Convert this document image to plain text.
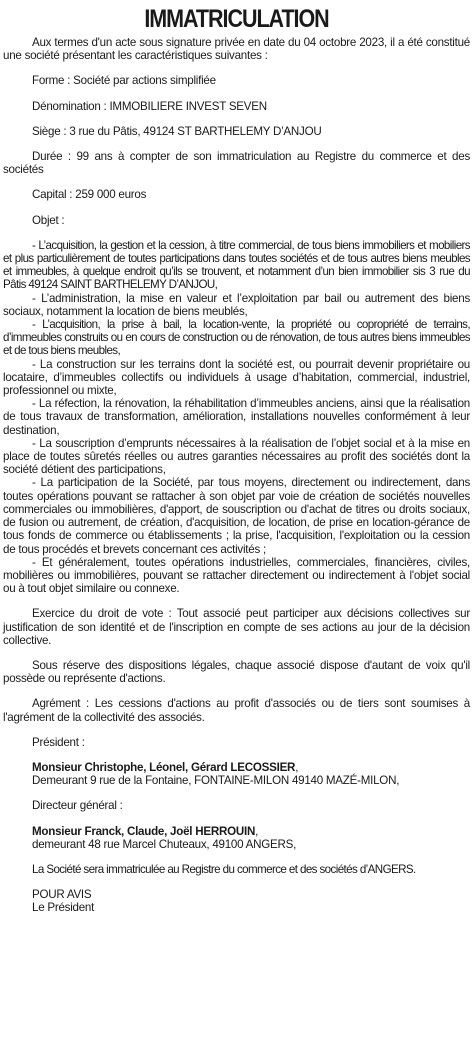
IMMATRICULATION

Aux termes d'un acte sous signature privée en date du 04 octobre 2023, il a été constitué une société présentant les caractéristiques suivantes :

Forme : Société par actions simplifiée

Dénomination : IMMOBILIERE INVEST SEVEN

Siège : 3 rue du Pâtis, 49124 ST BARTHELEMY D’ANJOU

Durée : 99 ans à compter de son immatriculation au Registre du commerce et des sociétés

Capital : 259 000 euros

Objet :

- L’acquisition, la gestion et la cession, à titre commercial, de tous biens immobiliers et mobiliers et plus particulièrement de toutes participations dans toutes sociétés et de tous autres biens meubles et immeubles, à quelque endroit qu’ils se trouvent, et notamment d’un bien immobilier sis 3 rue du Pâtis 49124 SAINT BARTHELEMY D’ANJOU,

- L’administration, la mise en valeur et l’exploitation par bail ou autrement des biens sociaux, notamment la location de biens meublés,

- L’acquisition, la prise à bail, la location-vente, la propriété ou copropriété de terrains, d’immeubles construits ou en cours de construction ou de rénovation, de tous autres biens immeubles et de tous biens meubles,

- La construction sur les terrains dont la société est, ou pourrait devenir propriétaire ou locataire, d’immeubles collectifs ou individuels à usage d’habitation, commercial, industriel, professionnel ou mixte,

- La réfection, la rénovation, la réhabilitation d’immeubles anciens, ainsi que la réalisation de tous travaux de transformation, amélioration, installations nouvelles conformément à leur destination,

- La souscription d’emprunts nécessaires à la réalisation de l’objet social et à la mise en place de toutes sûretés réelles ou autres garanties nécessaires au profit des sociétés dont la société détient des participations,

- La participation de la Société, par tous moyens, directement ou indirectement, dans toutes opérations pouvant se rattacher à son objet par voie de création de sociétés nouvelles commerciales ou immobilières, d'apport, de souscription ou d'achat de titres ou droits sociaux, de fusion ou autrement, de création, d'acquisition, de location, de prise en location-gérance de tous fonds de commerce ou établissements ; la prise, l'acquisition, l'exploitation ou la cession de tous procédés et brevets concernant ces activités ;

- Et généralement, toutes opérations industrielles, commerciales, financières, civiles, mobilières ou immobilières, pouvant se rattacher directement ou indirectement à l'objet social ou à tout objet similaire ou connexe.

Exercice du droit de vote : Tout associé peut participer aux décisions collectives sur justification de son identité et de l'inscription en compte de ses actions au jour de la décision collective.

Sous réserve des dispositions légales, chaque associé dispose d'autant de voix qu'il possède ou représente d'actions.

Agrément : Les cessions d'actions au profit d'associés ou de tiers sont soumises à l'agrément de la collectivité des associés.

Président :

Monsieur Christophe, Léonel, Gérard LECOSSIER,

Demeurant 9 rue de la Fontaine, FONTAINE-MILON 49140 MAZÉ-MILON,

Directeur général :

Monsieur Franck, Claude, Joël HERROUIN,

demeurant 48 rue Marcel Chuteaux, 49100 ANGERS,

La Société sera immatriculée au Registre du commerce et des sociétés d’ANGERS.

POUR AVIS

Le Président
